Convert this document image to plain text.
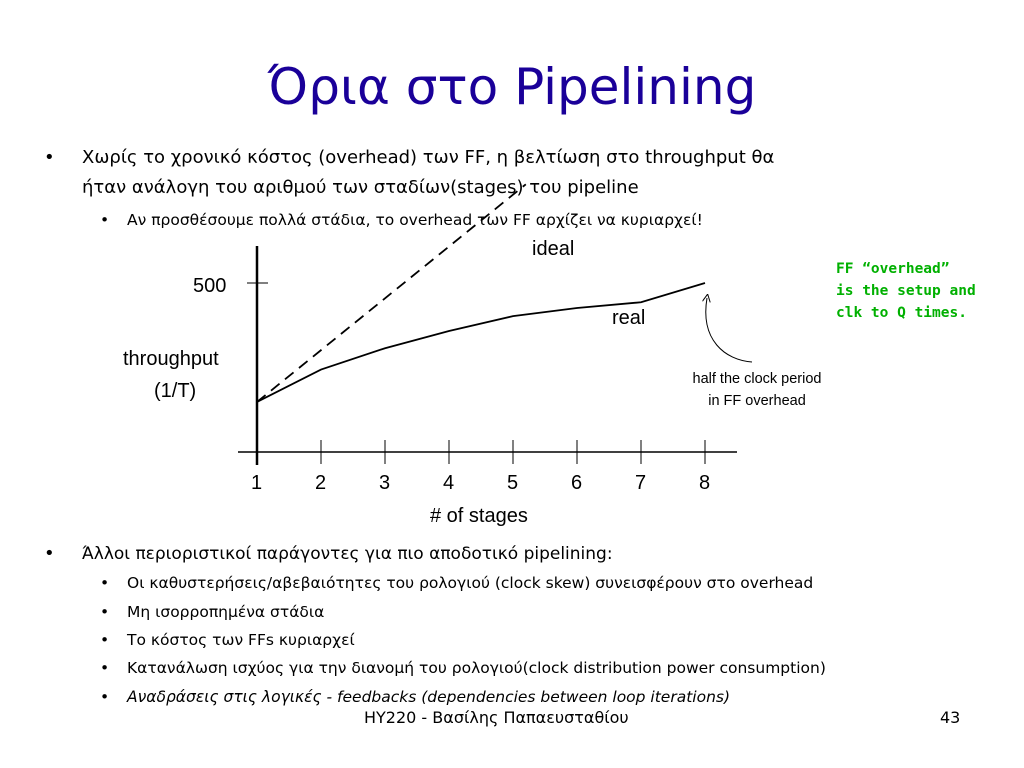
Όρια στο Pipelining
• Χωρίς το χρονικό κόστος (overhead) των FF, η βελτίωση στο throughput θα
ήταν ανάλογη του αριθμού των σταδίων(stages) του pipeline
• Αν προσθέσουμε πολλά στάδια, το overhead των FF αρχίζει να κυριαρχεί!
1	2	3	4	5	6	7	8
throughput
(1/T)
# of stages
500
ideal
real
half the clock period
in FF overhead
FF “overhead”
is the setup and
clk to Q times.
• Άλλοι περιοριστικοί παράγοντες για πιο αποδοτικό pipelining:
• Οι καθυστερήσεις/αβεβαιότητες του ρολογιού (clock skew) συνεισφέρουν στο overhead
• Μη ισορροπημένα στάδια
• Το κόστος των FFs κυριαρχεί
• Κατανάλωση ισχύος για την διανομή του ρολογιού(clock distribution power consumption)
• Αναδράσεις στις λογικές - feedbacks (dependencies between loop iterations)
ΗΥ220 - Βασίλης Παπαευσταθίου	43
